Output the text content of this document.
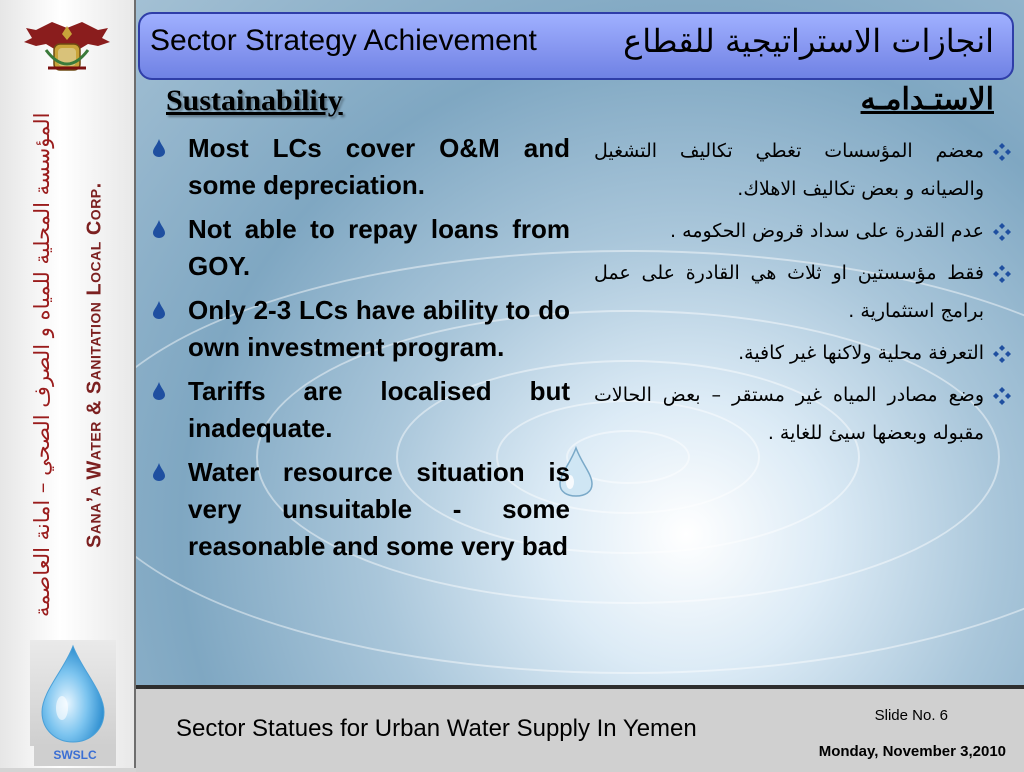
المؤسسة المحلية للمياه و الصرف الصحي – امانة العاصمة	Sana’a Water & Sanitation Local Corp.
SWSLC
Sector Strategy Achievement	انجازات الاستراتيجية للقطاع
Sustainability	الاستـدامـه
Most LCs cover O&M and some depreciation.
Not able to repay loans from GOY.
Only 2-3 LCs have ability to do own investment program.
Tariffs are localised but inadequate.
Water resource situation is very unsuitable - some reasonable and some very bad
معضم المؤسسات تغطي تكاليف التشغيل والصيانه و بعض تكاليف الاهلاك.
عدم القدرة على سداد قروض الحكومه .
فقط مؤسستين او ثلاث هي القادرة على عمل برامج استثمارية .
التعرفة محلية ولاكنها غير كافية.
وضع مصادر المياه غير مستقر – بعض الحالات مقبوله وبعضها سيئ للغاية .
Sector Statues for Urban Water Supply In Yemen	Slide No. 6
Monday, November 3,2010
